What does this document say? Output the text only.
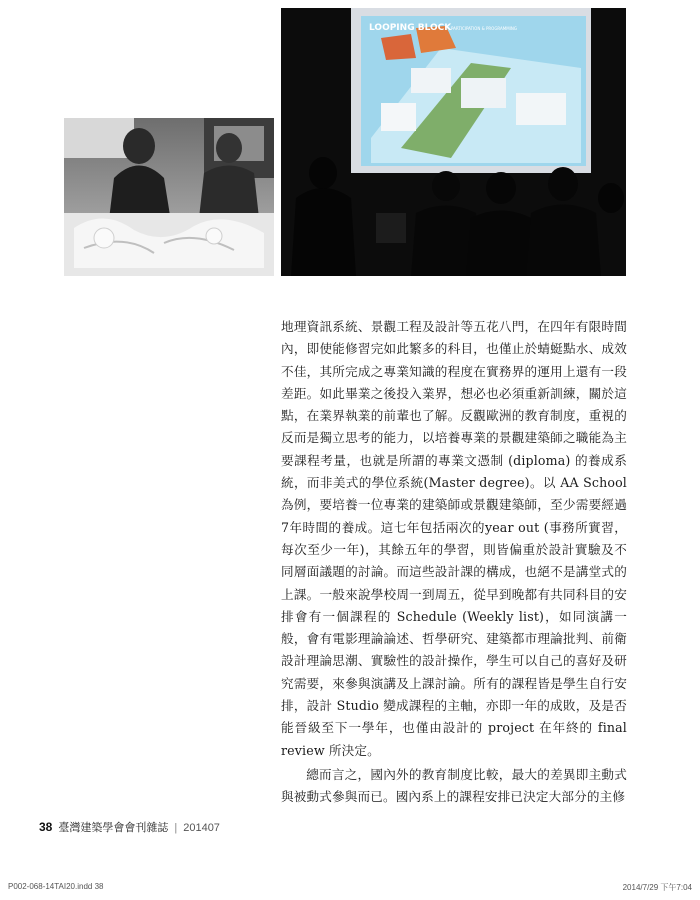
LOOPING BLOCK PARTICIPATION & PROGRAMMING

地理資訊系統、景觀工程及設計等五花八門，在四年有限時間內，即使能修習完如此繁多的科目，也僅止於蜻蜓點水、成效不佳，其所完成之專業知識的程度在實務界的運用上還有一段差距。如此畢業之後投入業界，想必也必須重新訓練，關於這點，在業界執業的前輩也了解。反觀歐洲的教育制度，重視的反而是獨立思考的能力，以培養專業的景觀建築師之職能為主要課程考量，也就是所謂的專業文憑制 (diploma) 的養成系統，而非美式的學位系統(Master degree)。以 AA School 為例，要培養一位專業的建築師或景觀建築師，至少需要經過7年時間的養成。這七年包括兩次的year out (事務所實習，每次至少一年)，其餘五年的學習，則皆偏重於設計實驗及不同層面議題的討論。而這些設計課的構成，也絕不是講堂式的上課。一般來說學校周一到周五，從早到晚都有共同科目的安排會有一個課程的 Schedule (Weekly list)，如同演講一般，會有電影理論論述、哲學研究、建築都市理論批判、前衛設計理論思潮、實驗性的設計操作，學生可以自己的喜好及研究需要，來參與演講及上課討論。所有的課程皆是學生自行安排，設計 Studio 變成課程的主軸，亦即一年的成敗，及是否能晉級至下一學年，也僅由設計的 project 在年終的 final review 所決定。

總而言之，國內外的教育制度比較，最大的差異即主動式與被動式參與而已。國內系上的課程安排已決定大部分的主修

38 臺灣建築學會會刊雜誌 | 201407
P002-068-14TAI20.indd 38	2014/7/29 下午7:04
